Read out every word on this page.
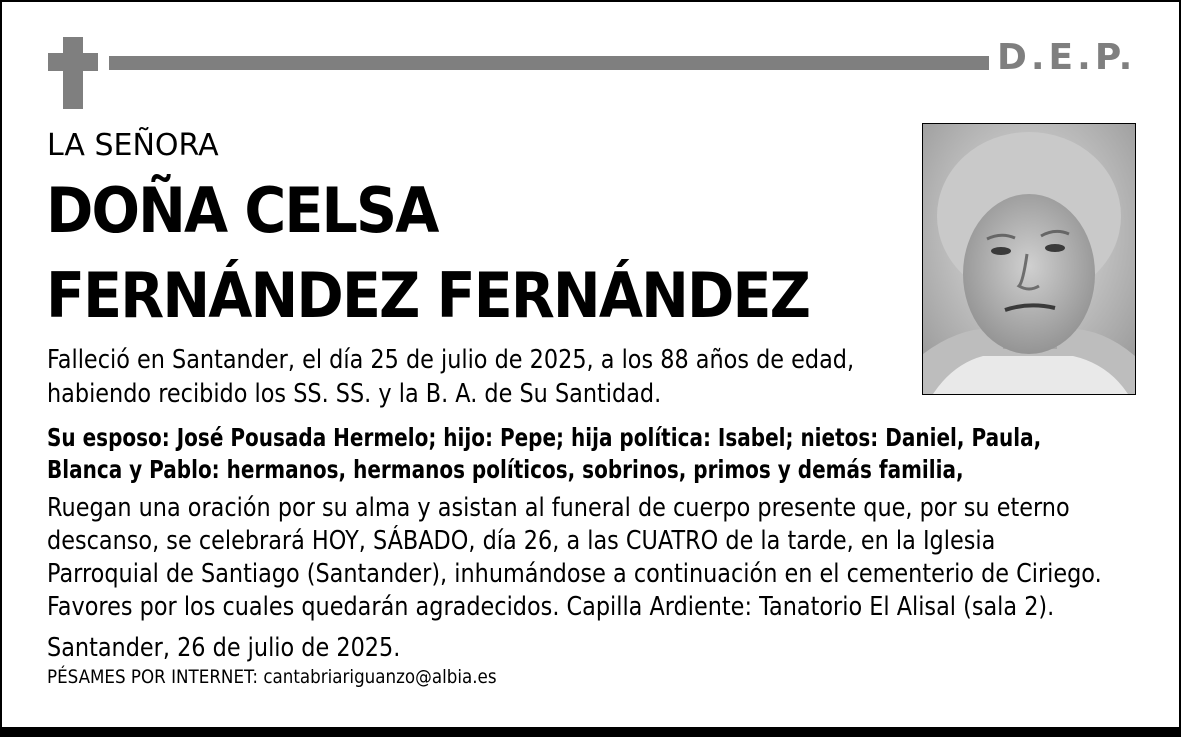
D.E.P.
LA SEÑORA
DOÑA CELSA
FERNÁNDEZ FERNÁNDEZ
Falleció en Santander, el día 25 de julio de 2025, a los 88 años de edad,
habiendo recibido los SS. SS. y la B. A. de Su Santidad.
Su esposo: José Pousada Hermelo; hijo: Pepe; hija política: Isabel; nietos: Daniel, Paula,
Blanca y Pablo: hermanos, hermanos políticos, sobrinos, primos y demás familia,
Ruegan una oración por su alma y asistan al funeral de cuerpo presente que, por su eterno
descanso, se celebrará HOY, SÁBADO, día 26, a las CUATRO de la tarde, en la Iglesia
Parroquial de Santiago (Santander), inhumándose a continuación en el cementerio de Ciriego.
Favores por los cuales quedarán agradecidos. Capilla Ardiente: Tanatorio El Alisal (sala 2).
Santander, 26 de julio de 2025.
PÉSAMES POR INTERNET: cantabriariguanzo@albia.es
